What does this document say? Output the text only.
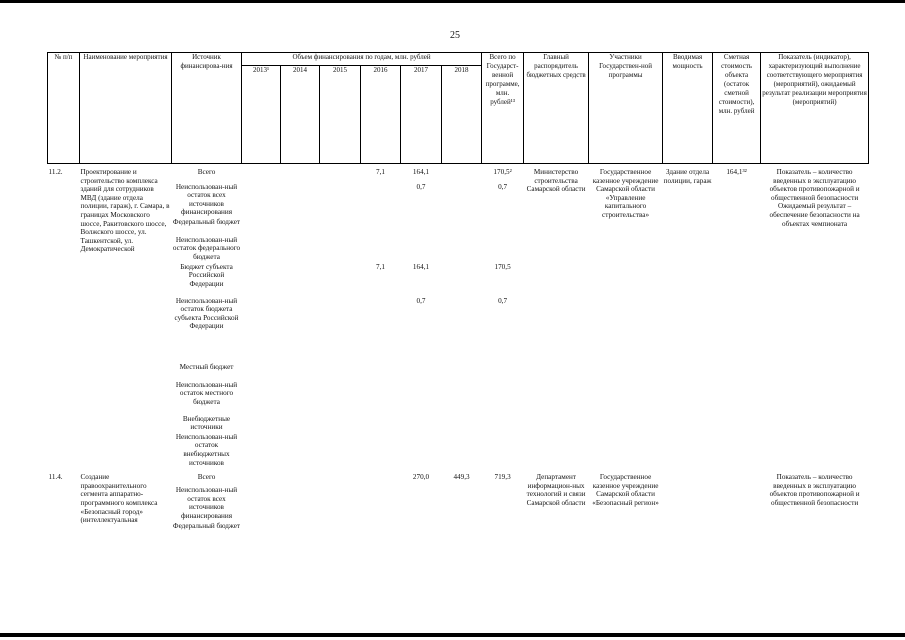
25
№ п/п	Наименование мероприятия	Источник финансирова-ния	Объем финансирования по годам, млн. рублей						Всего по Государст-венной программе, млн. рублей¹³	Главный распорядитель бюджетных средств	Участники Государствен-ной программы	Вводимая мощность	Сметная стоимость объекта (остаток сметной стоимости), млн. рублей	Показатель (индикатор), характеризующий выполнение соответствующего мероприятия (мероприятий), ожидаемый результат реализации мероприятия (мероприятий)
			2013¹	2014	2015	2016	2017	2018						
11.2.	Проектирование и строительство комплекса зданий для сотрудников МВД (здание отдела полиции, гараж), г. Самара, в границах Московского шоссе, Ракитовского шоссе, Волжского шоссе, ул. Ташкентской, ул. Демократической	Всего				7,1	164,1		170,5²	Министерство строительства Самарской области	Государственное казенное учреждение Самарской области «Управление капитального строительства»	Здание отдела полиции, гараж	164,1³²	Показатель – количество введенных в эксплуатацию объектов противопожарной и общественной безопасности Ожидаемый результат – обеспечение безопасности на объектах чемпионата
		Неиспользован-ный остаток всех источников финансирования					0,7		0,7					
		Федеральный бюджет												
		Неиспользован-ный остаток федерального бюджета												
		Бюджет субъекта Российской Федерации				7,1	164,1		170,5					
		Неиспользован-ный остаток бюджета субъекта Российской Федерации					0,7		0,7					
		Местный бюджет												
		Неиспользован-ный остаток местного бюджета												
		Внебюджетные источники												
		Неиспользован-ный остаток внебюджетных источников												
11.4.	Создание правоохранительного сегмента аппаратно-программного комплекса «Безопасный город» (интеллектуальная	Всего					270,0	449,3	719,3	Департамент информацион-ных технологий и связи Самарской области	Государственное казенное учреждение Самарской области «Безопасный регион»			Показатель – количество введенных в эксплуатацию объектов противопожарной и общественной безопасности
		Неиспользован-ный остаток всех источников финансирования												
		Федеральный бюджет												
